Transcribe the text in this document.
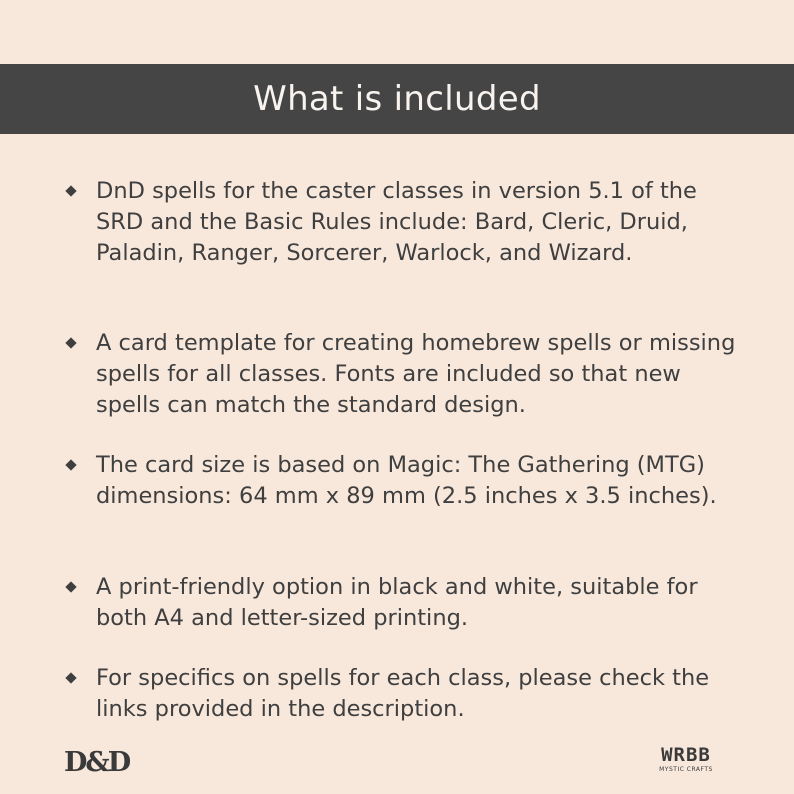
What is included
DnD spells for the caster classes in version 5.1 of the SRD and the Basic Rules include: Bard, Cleric, Druid, Paladin, Ranger, Sorcerer, Warlock, and Wizard.
A card template for creating homebrew spells or missing spells for all classes. Fonts are included so that new spells can match the standard design.
The card size is based on Magic: The Gathering (MTG) dimensions: 64 mm x 89 mm (2.5 inches x 3.5 inches).
A print-friendly option in black and white, suitable for both A4 and letter-sized printing.
For specifics on spells for each class, please check the links provided in the description.
D&D	WRBB
MYSTIC CRAFTS
